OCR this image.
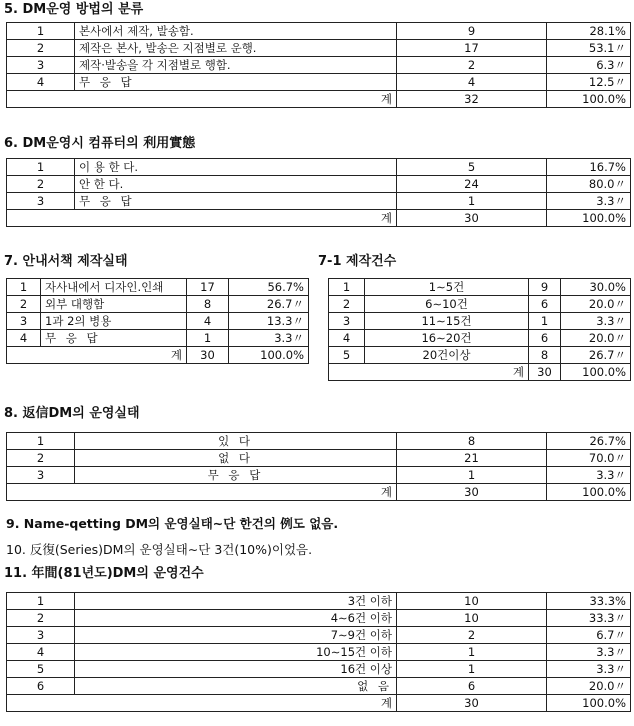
5. DM운영 방법의 분류
1	본사에서 제작, 발송함.	9	28.1%
2	제작은 본사, 발송은 지점별로 운행.	17	53.1〃
3	제작·발송을 각 지점별로 행함.	2	6.3〃
4	무 응 답	4	12.5〃
	계	32	100.0%
6. DM운영시 컴퓨터의 利用實態
1	이 용 한 다.	5	16.7%
2	안 한 다.	24	80.0〃
3	무 응 답	1	3.3〃
	계	30	100.0%
7. 안내서책 제작실태
1	자사내에서 디자인.인쇄	17	56.7%
2	외부 대행함	8	26.7〃
3	1과 2의 병용	4	13.3〃
4	무 응 답	1	3.3〃
	계	30	100.0%
7-1 제작건수
1	1∼5건	9	30.0%
2	6∼10건	6	20.0〃
3	11∼15건	1	3.3〃
4	16∼20건	6	20.0〃
5	20건이상	8	26.7〃
	계	30	100.0%
8. 返信DM의 운영실태
1	있 다	8	26.7%
2	없 다	21	70.0〃
3	무 응 답	1	3.3〃
	계	30	100.0%

9. Name-qetting DM의 운영실태∼단 한건의 例도 없음.

10. 反復(Series)DM의 운영실태∼단 3건(10%)이었음.

11. 年間(81년도)DM의 운영건수
1	3건 이하	10	33.3%
2	4∼6건 이하	10	33.3〃
3	7∼9건 이하	2	6.7〃
4	10∼15건 이하	1	3.3〃
5	16건 이상	1	3.3〃
6	없 음	6	20.0〃
	계	30	100.0%
